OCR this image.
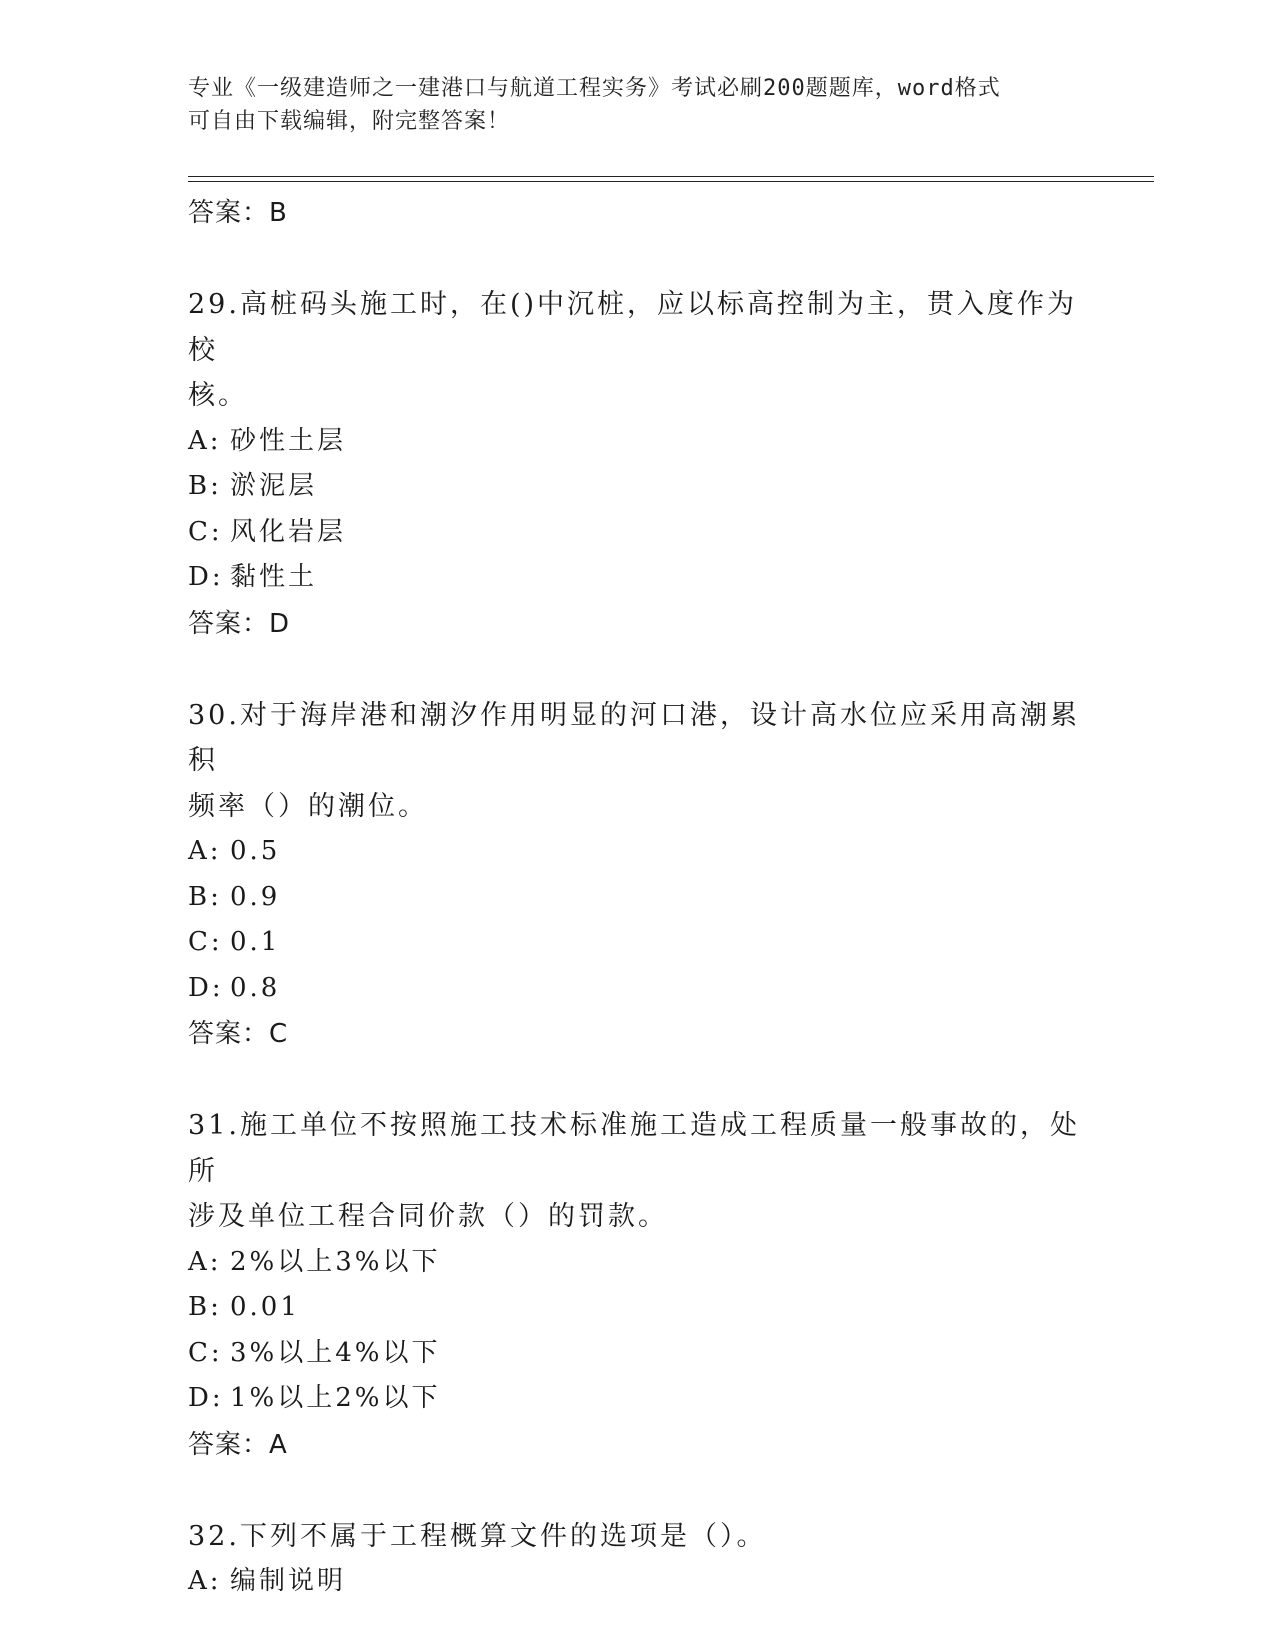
专业《一级建造师之一建港口与航道工程实务》考试必刷200题题库，word格式
可自由下载编辑，附完整答案！
答案：B
29.高桩码头施工时，在()中沉桩，应以标高控制为主，贯入度作为校
核。
A: 砂性土层
B: 淤泥层
C: 风化岩层
D: 黏性土
答案：D
30.对于海岸港和潮汐作用明显的河口港，设计高水位应采用高潮累积
频率（）的潮位。
A: 0.5
B: 0.9
C: 0.1
D: 0.8
答案：C
31.施工单位不按照施工技术标准施工造成工程质量一般事故的，处所
涉及单位工程合同价款（）的罚款。
A: 2%以上3%以下
B: 0.01
C: 3%以上4%以下
D: 1%以上2%以下
答案：A
32.下列不属于工程概算文件的选项是（）。
A: 编制说明
